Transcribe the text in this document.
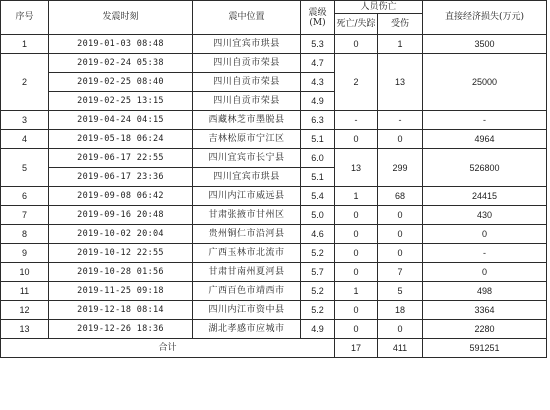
序号	发震时刻	震中位置	震级(M)	人员伤亡		直接经济损失(万元)
				死亡/失踪	受伤	
1	2019-01-03 08:48	四川宜宾市珙县	5.3	0	1	3500
2	2019-02-24 05:38	四川自贡市荣县	4.7	2	13	25000
	2019-02-25 08:40	四川自贡市荣县	4.3			
	2019-02-25 13:15	四川自贡市荣县	4.9			
3	2019-04-24 04:15	西藏林芝市墨脱县	6.3	-	-	-
4	2019-05-18 06:24	吉林松原市宁江区	5.1	0	0	4964
5	2019-06-17 22:55	四川宜宾市长宁县	6.0	13	299	526800
	2019-06-17 23:36	四川宜宾市珙县	5.1			
6	2019-09-08 06:42	四川内江市威远县	5.4	1	68	24415
7	2019-09-16 20:48	甘肃张掖市甘州区	5.0	0	0	430
8	2019-10-02 20:04	贵州铜仁市沿河县	4.6	0	0	0
9	2019-10-12 22:55	广西玉林市北流市	5.2	0	0	-
10	2019-10-28 01:56	甘肃甘南州夏河县	5.7	0	7	0
11	2019-11-25 09:18	广西百色市靖西市	5.2	1	5	498
12	2019-12-18 08:14	四川内江市资中县	5.2	0	18	3364
13	2019-12-26 18:36	湖北孝感市应城市	4.9	0	0	2280
合计				17	411	591251
